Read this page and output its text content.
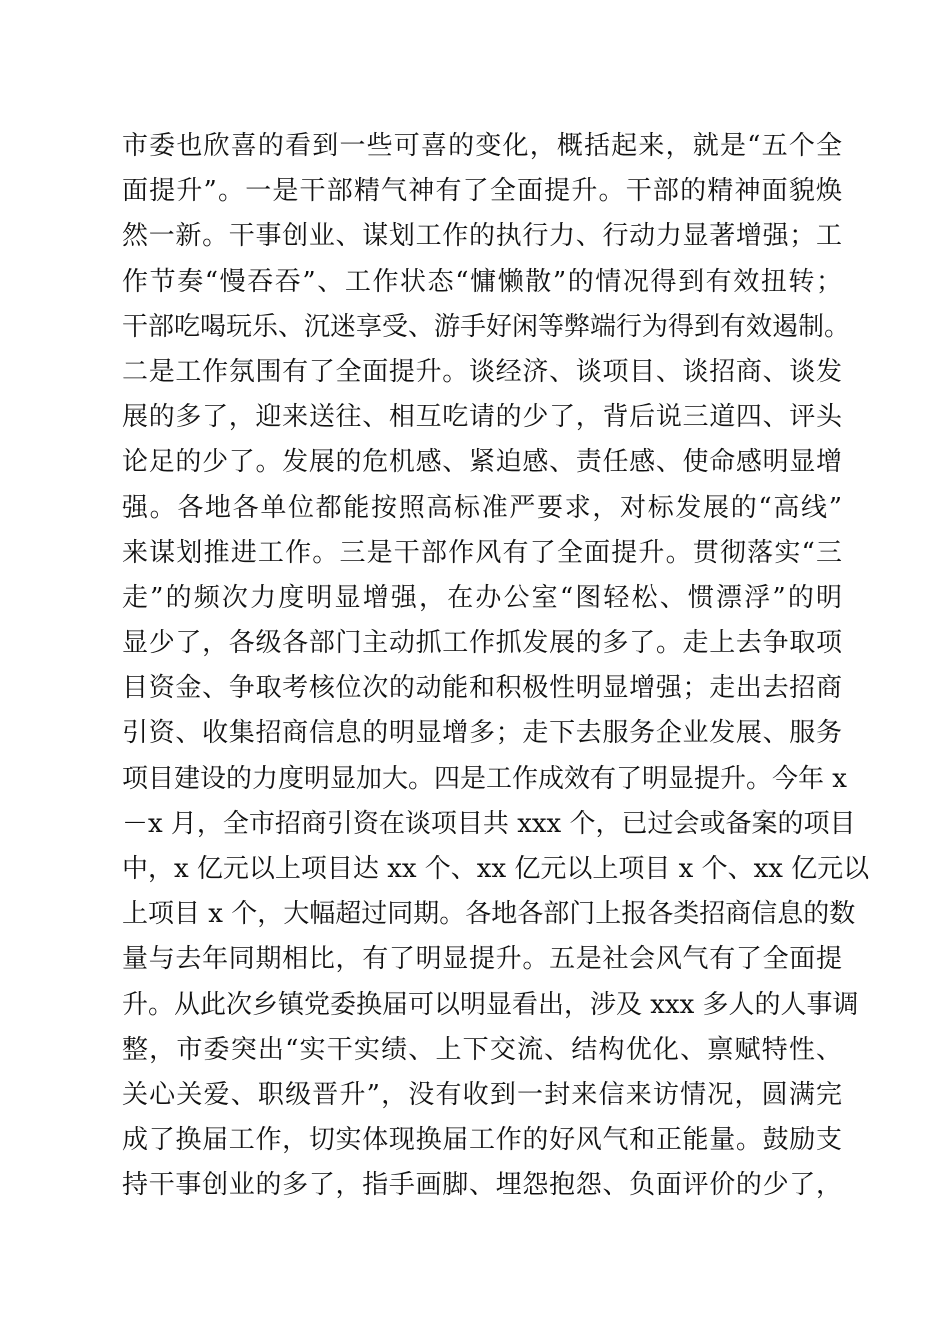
市委也欣喜的看到一些可喜的变化，概括起来，就是“五个全
面提升”。一是干部精气神有了全面提升。干部的精神面貌焕
然一新。干事创业、谋划工作的执行力、行动力显著增强；工
作节奏“慢吞吞”、工作状态“慵懒散”的情况得到有效扭转；
干部吃喝玩乐、沉迷享受、游手好闲等弊端行为得到有效遏制。
二是工作氛围有了全面提升。谈经济、谈项目、谈招商、谈发
展的多了，迎来送往、相互吃请的少了，背后说三道四、评头
论足的少了。发展的危机感、紧迫感、责任感、使命感明显增
强。各地各单位都能按照高标准严要求，对标发展的“高线”
来谋划推进工作。三是干部作风有了全面提升。贯彻落实“三
走”的频次力度明显增强，在办公室“图轻松、惯漂浮”的明
显少了，各级各部门主动抓工作抓发展的多了。走上去争取项
目资金、争取考核位次的动能和积极性明显增强；走出去招商
引资、收集招商信息的明显增多；走下去服务企业发展、服务
项目建设的力度明显加大。四是工作成效有了明显提升。今年 x
－x 月，全市招商引资在谈项目共 xxx 个，已过会或备案的项目
中，x 亿元以上项目达 xx 个、xx 亿元以上项目 x 个、xx 亿元以
上项目 x 个，大幅超过同期。各地各部门上报各类招商信息的数
量与去年同期相比，有了明显提升。五是社会风气有了全面提
升。从此次乡镇党委换届可以明显看出，涉及 xxx 多人的人事调
整，市委突出“实干实绩、上下交流、结构优化、禀赋特性、
关心关爱、职级晋升”，没有收到一封来信来访情况，圆满完
成了换届工作，切实体现换届工作的好风气和正能量。鼓励支
持干事创业的多了，指手画脚、埋怨抱怨、负面评价的少了，
